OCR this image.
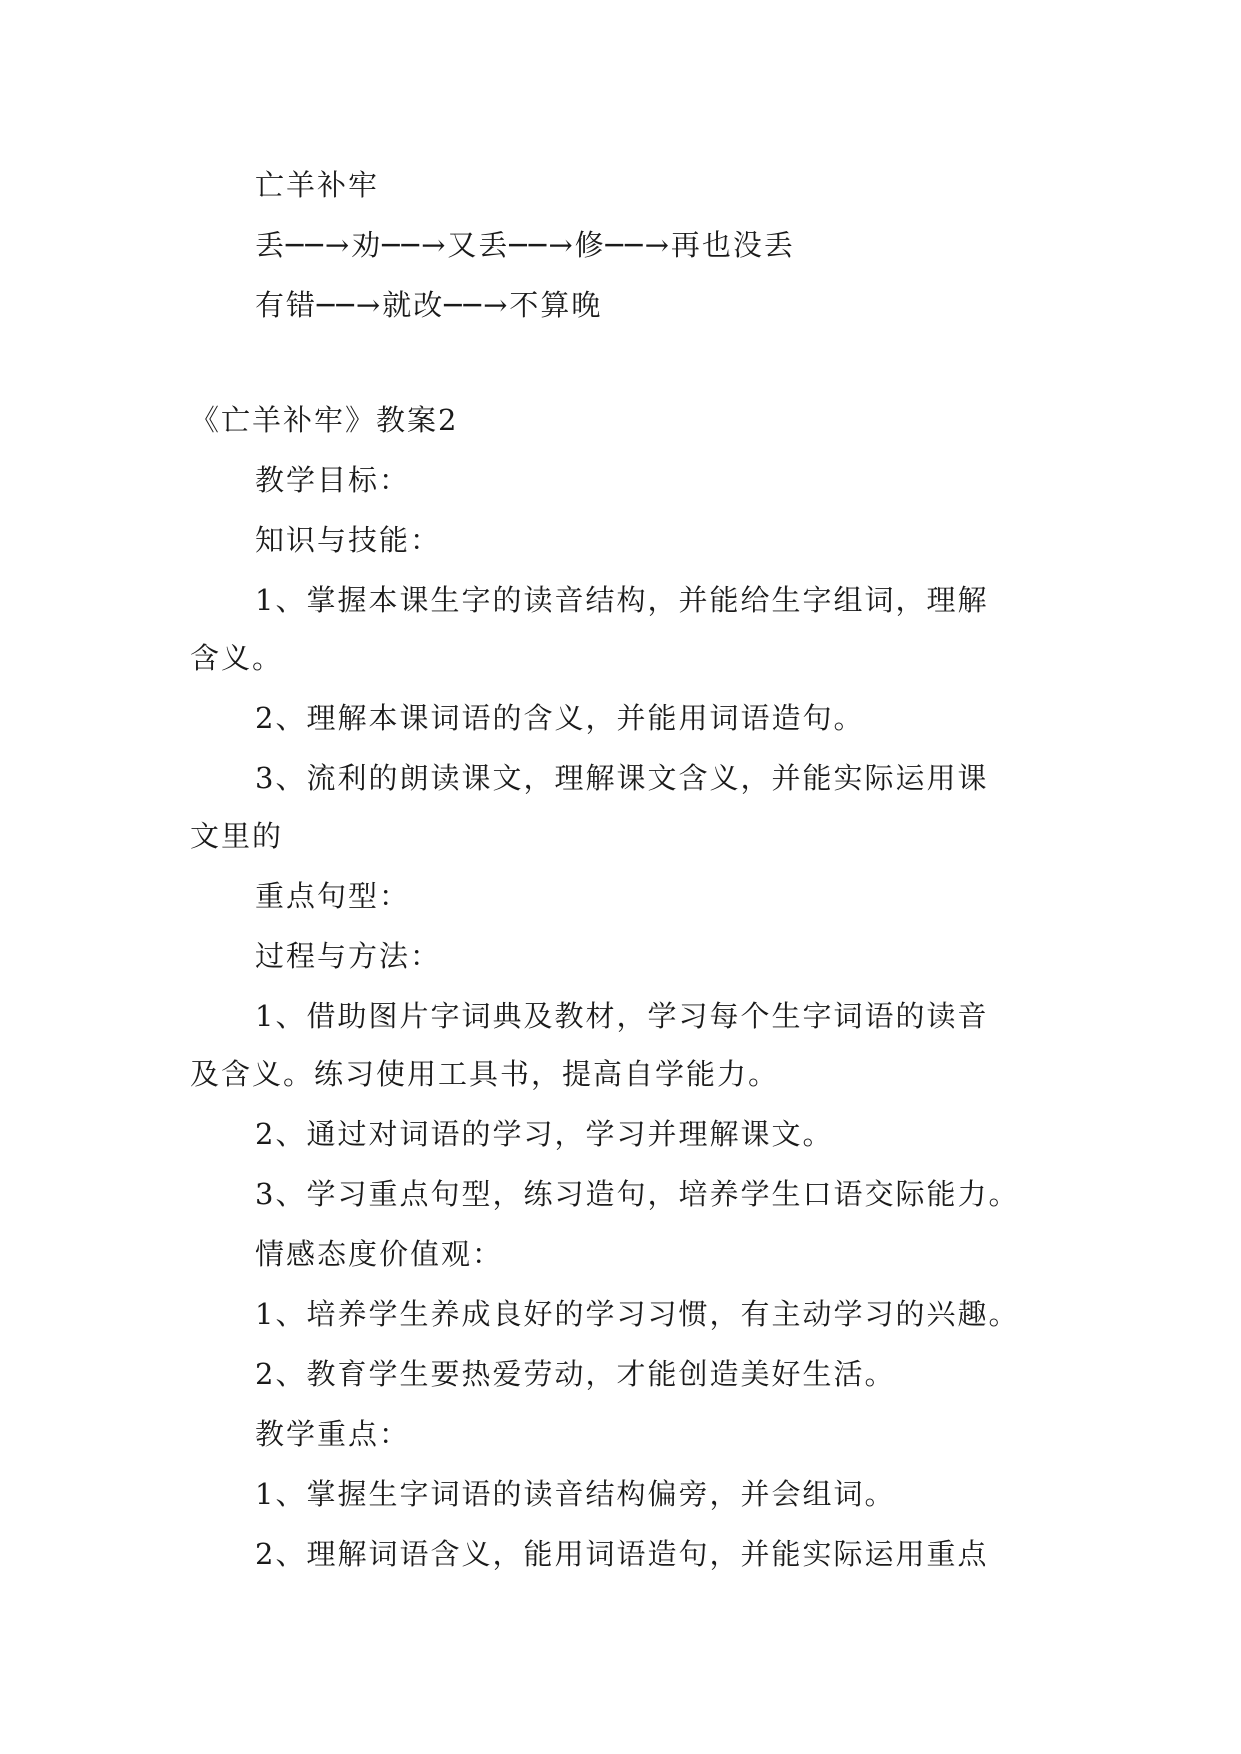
亡羊补牢
丢──→劝──→又丢──→修──→再也没丢
有错──→就改──→不算晚
《亡羊补牢》教案2
教学目标：
知识与技能：
1、掌握本课生字的读音结构，并能给生字组词，理解
含义。
2、理解本课词语的含义，并能用词语造句。
3、流利的朗读课文，理解课文含义，并能实际运用课
文里的
重点句型：
过程与方法：
1、借助图片字词典及教材，学习每个生字词语的读音
及含义。练习使用工具书，提高自学能力。
2、通过对词语的学习，学习并理解课文。
3、学习重点句型，练习造句，培养学生口语交际能力。
情感态度价值观：
1、培养学生养成良好的学习习惯，有主动学习的兴趣。
2、教育学生要热爱劳动，才能创造美好生活。
教学重点：
1、掌握生字词语的读音结构偏旁，并会组词。
2、理解词语含义，能用词语造句，并能实际运用重点
